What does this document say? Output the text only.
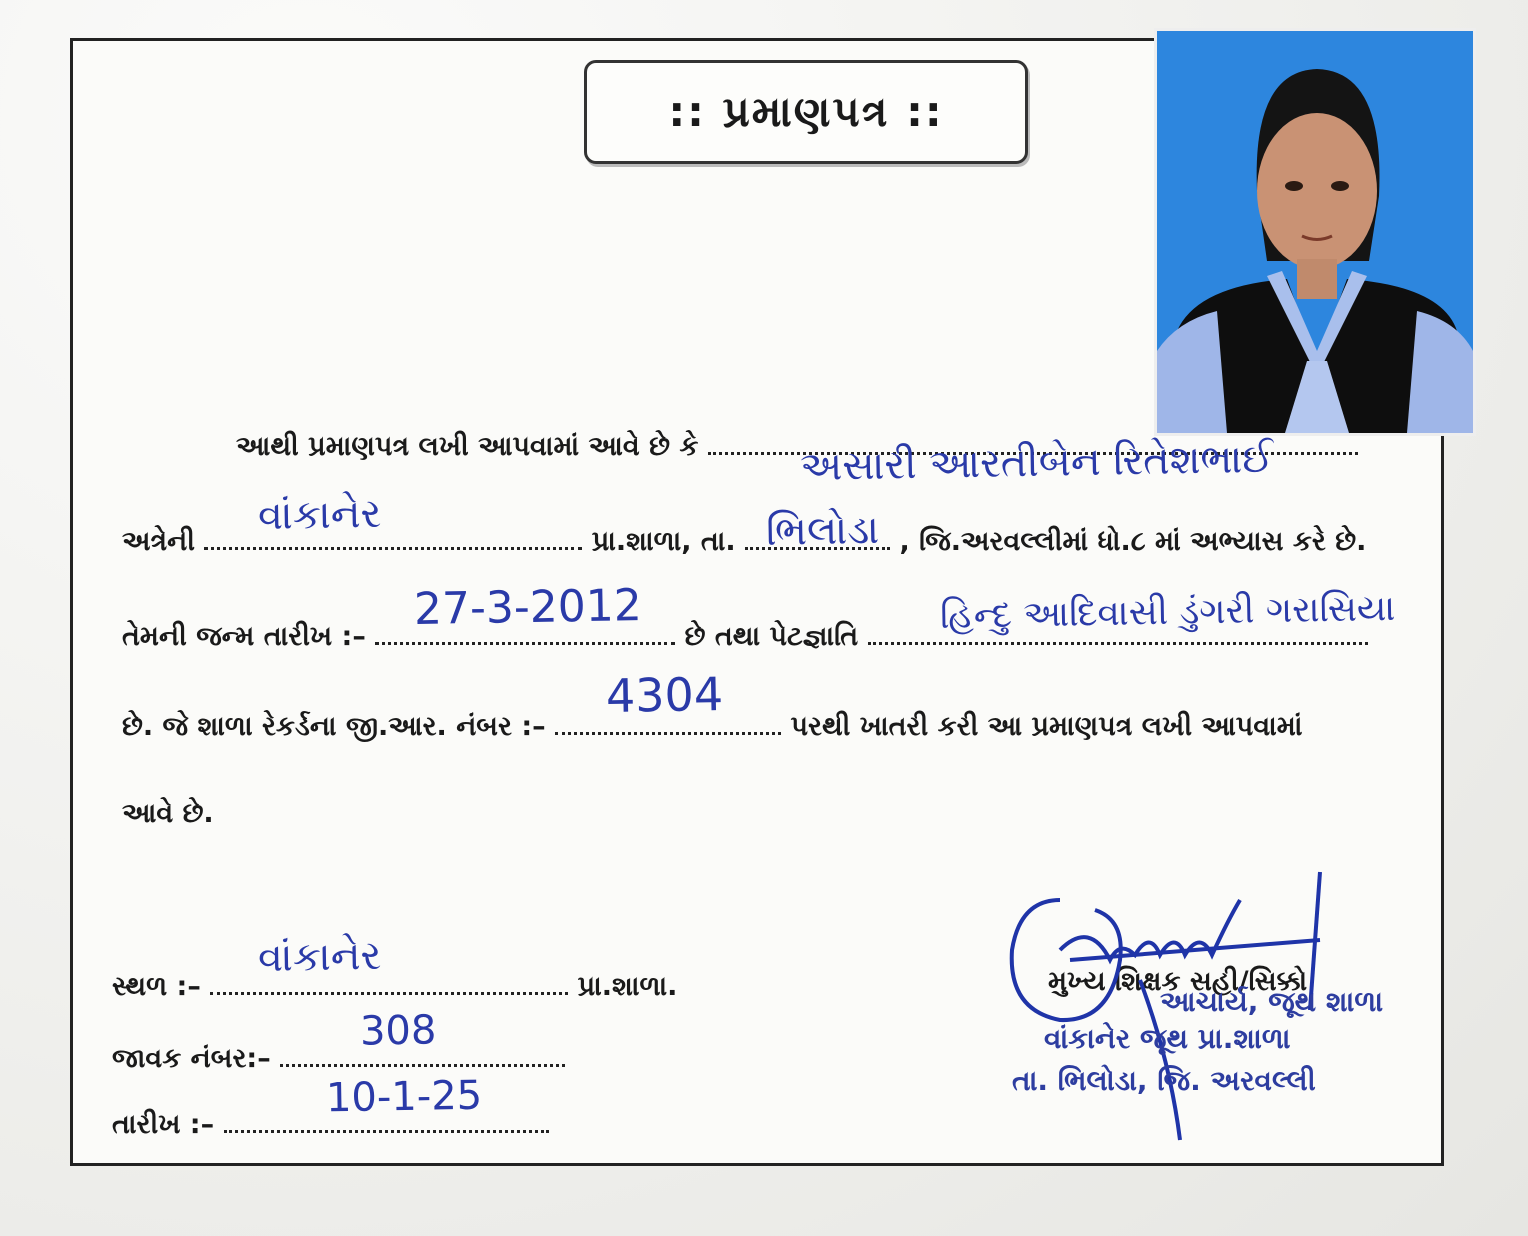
:: પ્રમાણપત્ર ::
આથી પ્રમાણપત્ર લખી આપવામાં આવે છે કે	અસારી આરતીબેન રિતેશભાઈ
અત્રેની	પ્રા.શાળા, તા.	, જિ.અરવલ્લીમાં ધો.૮ માં અભ્યાસ કરે છે.
વાંકાનેર	ભિલોડા
તેમની જન્મ તારીખ :–	છે તથા પેટજ્ઞાતિ
27-3-2012	હિન્દુ આદિવાસી ડુંગરી ગરાસિયા
છે. જે શાળા રેકર્ડના જી.આર. નંબર :–	પરથી ખાતરી કરી આ પ્રમાણપત્ર લખી આપવામાં
4304
આવે છે.
સ્થળ :–	પ્રા.શાળા.
વાંકાનેર
જાવક નંબર:–
308
તારીખ :–
10-1-25
મુખ્ય શિક્ષક સહી/સિક્કો
આચાર્ય, જૂથ શાળા
વાંકાનેર જૂથ પ્રા.શાળા
તા. ભિલોડા, જિ. અરવલ્લી
